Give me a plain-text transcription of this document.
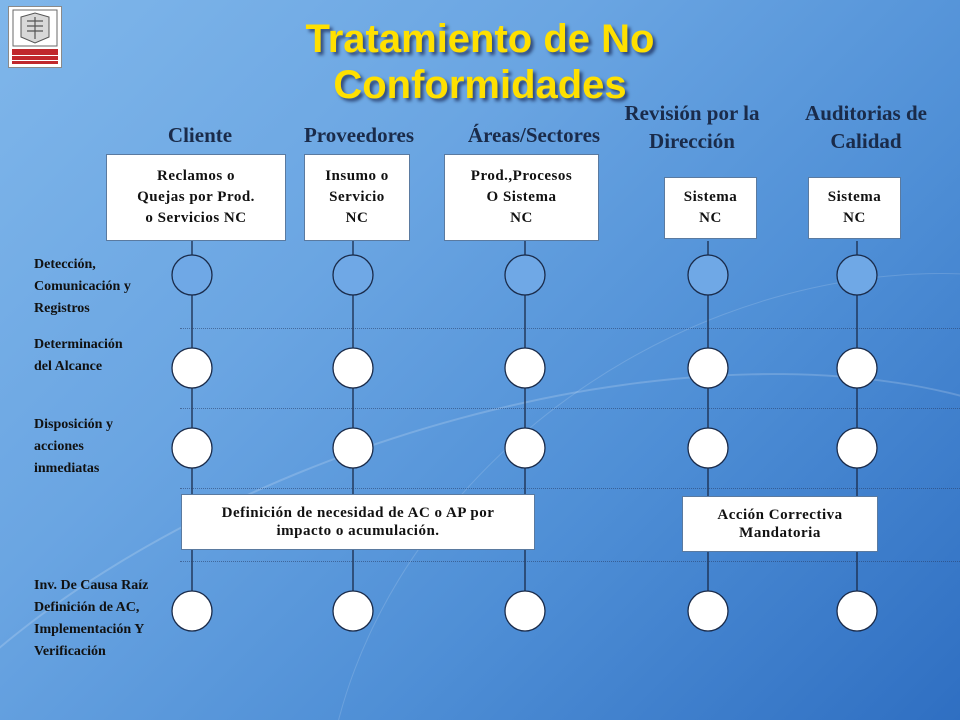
Tratamiento de No Conformidades
Cliente	Proveedores	Áreas/Sectores
Revisión por la Dirección
Auditorias de Calidad
Reclamos o
Quejas por Prod.
o Servicios NC
Insumo o
Servicio
NC
Prod.,Procesos
O Sistema
NC
Sistema
NC
Sistema
NC
Detección, Comunicación y Registros
Determinación del Alcance
Disposición y acciones inmediatas
Inv. De Causa Raíz Definición de AC, Implementación Y Verificación
Definición de necesidad de AC o AP por impacto o acumulación.
Acción Correctiva Mandatoria
